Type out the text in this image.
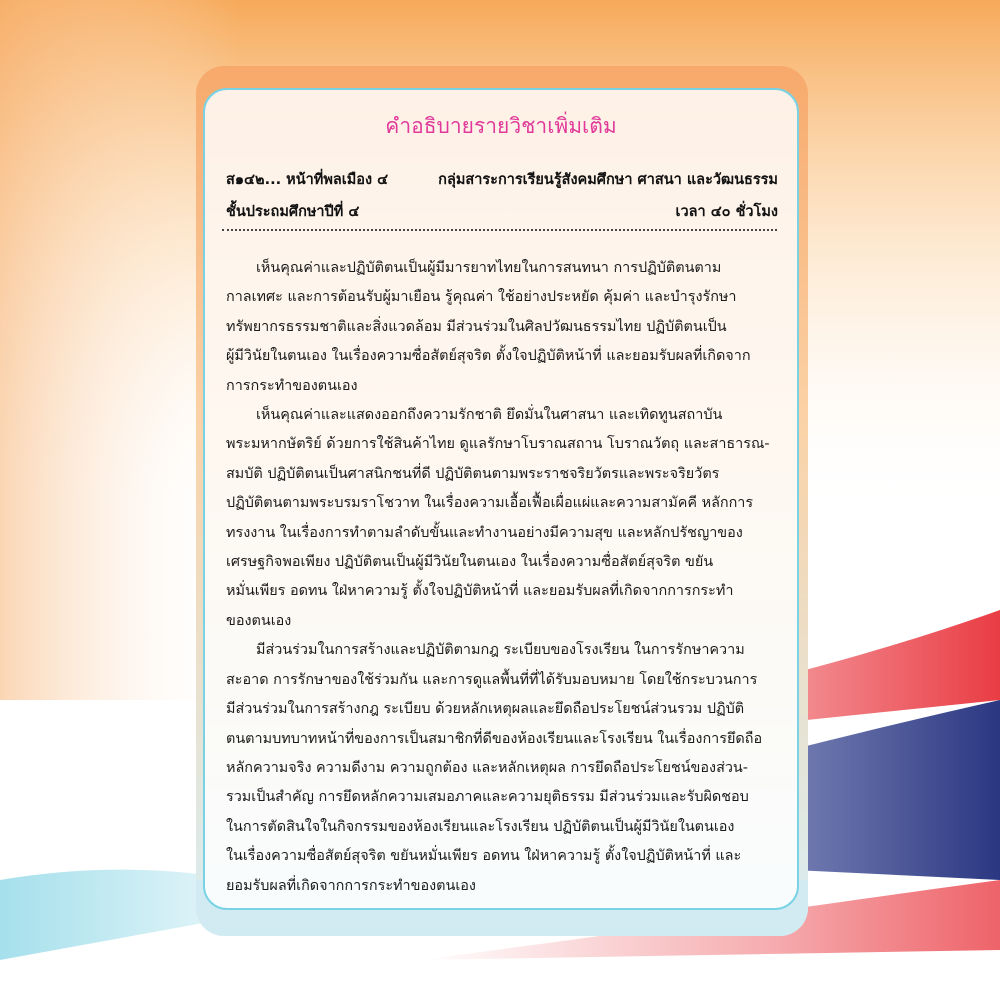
คำอธิบายรายวิชาเพิ่มเติม
ส๑๔๒... หน้าที่พลเมือง ๔	กลุ่มสาระการเรียนรู้สังคมศึกษา ศาสนา และวัฒนธรรม
ชั้นประถมศึกษาปีที่ ๔	เวลา ๔๐ ชั่วโมง
เห็นคุณค่าและปฏิบัติตนเป็นผู้มีมารยาทไทยในการสนทนา การปฏิบัติตนตาม
กาลเทศะ และการต้อนรับผู้มาเยือน รู้คุณค่า ใช้อย่างประหยัด คุ้มค่า และบำรุงรักษา
ทรัพยากรธรรมชาติและสิ่งแวดล้อม มีส่วนร่วมในศิลปวัฒนธรรมไทย ปฏิบัติตนเป็น
ผู้มีวินัยในตนเอง ในเรื่องความซื่อสัตย์สุจริต ตั้งใจปฏิบัติหน้าที่ และยอมรับผลที่เกิดจาก
การกระทำของตนเอง
เห็นคุณค่าและแสดงออกถึงความรักชาติ ยึดมั่นในศาสนา และเทิดทูนสถาบัน
พระมหากษัตริย์ ด้วยการใช้สินค้าไทย ดูแลรักษาโบราณสถาน โบราณวัตถุ และสาธารณ-
สมบัติ ปฏิบัติตนเป็นศาสนิกชนที่ดี ปฏิบัติตนตามพระราชจริยวัตรและพระจริยวัตร
ปฏิบัติตนตามพระบรมราโชวาท ในเรื่องความเอื้อเฟื้อเผื่อแผ่และความสามัคคี หลักการ
ทรงงาน ในเรื่องการทำตามลำดับขั้นและทำงานอย่างมีความสุข และหลักปรัชญาของ
เศรษฐกิจพอเพียง ปฏิบัติตนเป็นผู้มีวินัยในตนเอง ในเรื่องความซื่อสัตย์สุจริต ขยัน
หมั่นเพียร อดทน ใฝ่หาความรู้ ตั้งใจปฏิบัติหน้าที่ และยอมรับผลที่เกิดจากการกระทำ
ของตนเอง
มีส่วนร่วมในการสร้างและปฏิบัติตามกฎ ระเบียบของโรงเรียน ในการรักษาความ
สะอาด การรักษาของใช้ร่วมกัน และการดูแลพื้นที่ที่ได้รับมอบหมาย โดยใช้กระบวนการ
มีส่วนร่วมในการสร้างกฎ ระเบียบ ด้วยหลักเหตุผลและยึดถือประโยชน์ส่วนรวม ปฏิบัติ
ตนตามบทบาทหน้าที่ของการเป็นสมาชิกที่ดีของห้องเรียนและโรงเรียน ในเรื่องการยึดถือ
หลักความจริง ความดีงาม ความถูกต้อง และหลักเหตุผล การยึดถือประโยชน์ของส่วน-
รวมเป็นสำคัญ การยึดหลักความเสมอภาคและความยุติธรรม มีส่วนร่วมและรับผิดชอบ
ในการตัดสินใจในกิจกรรมของห้องเรียนและโรงเรียน ปฏิบัติตนเป็นผู้มีวินัยในตนเอง
ในเรื่องความซื่อสัตย์สุจริต ขยันหมั่นเพียร อดทน ใฝ่หาความรู้ ตั้งใจปฏิบัติหน้าที่ และ
ยอมรับผลที่เกิดจากการกระทำของตนเอง
